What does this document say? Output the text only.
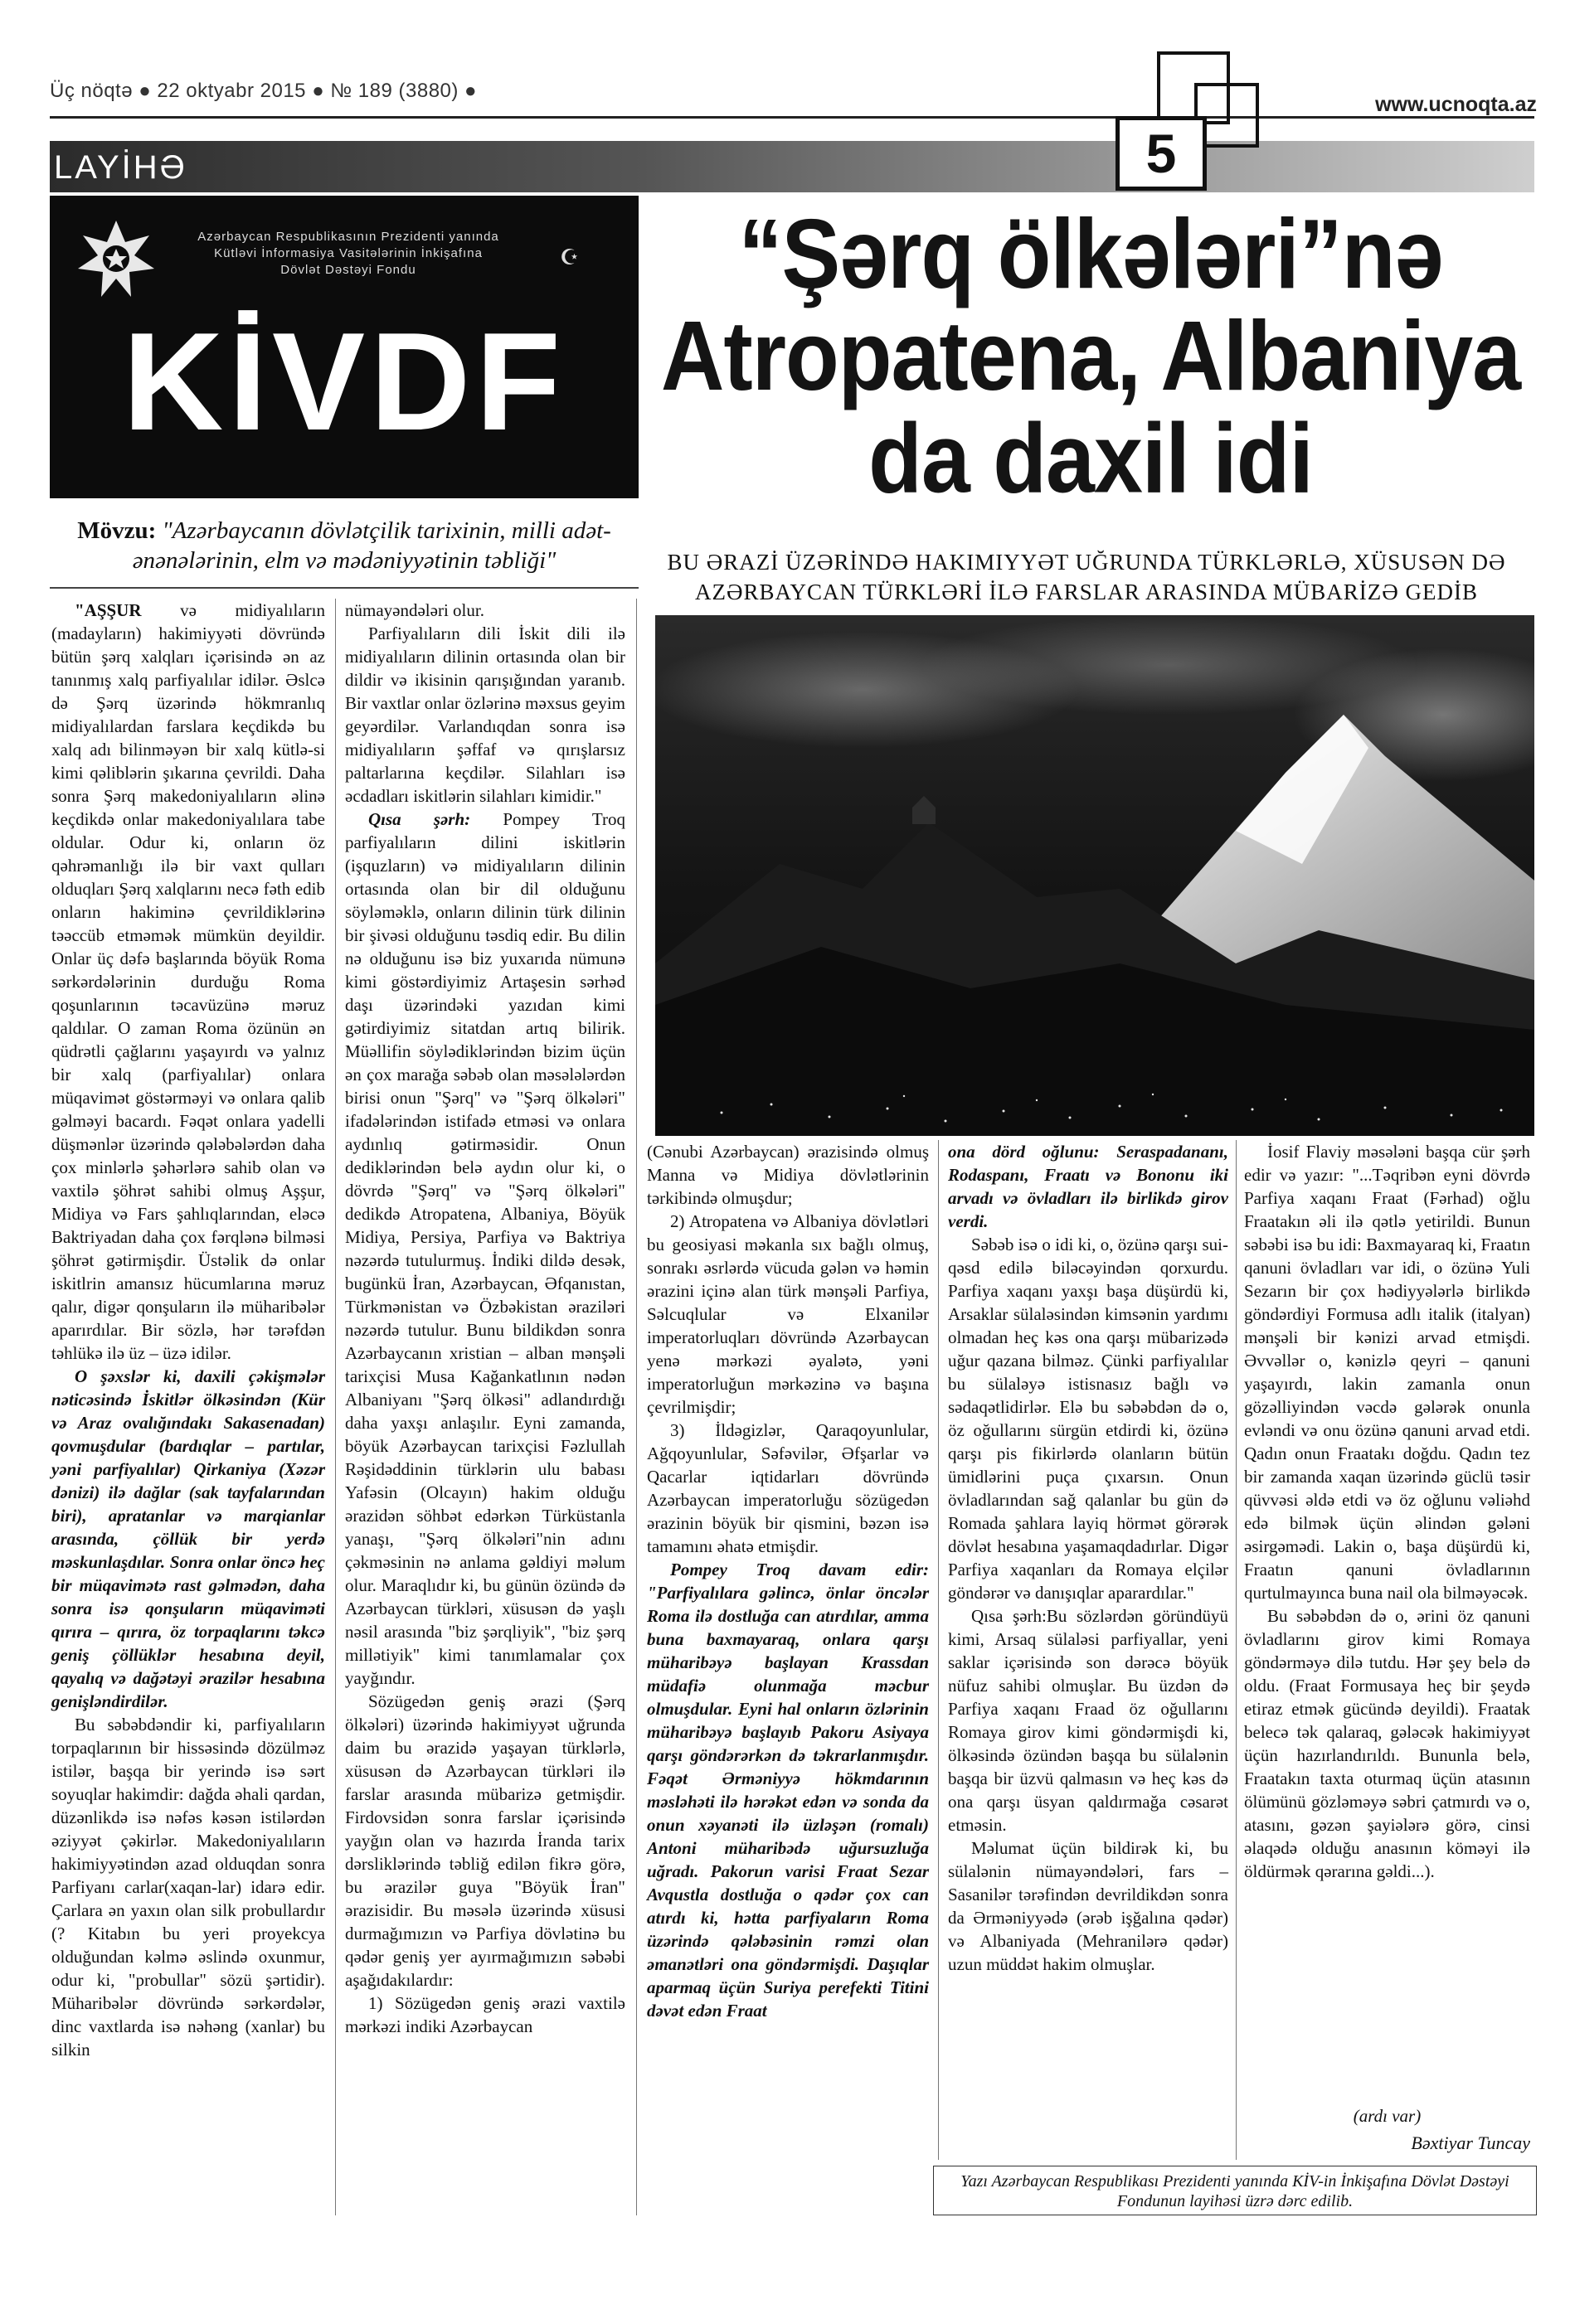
Üç nöqtə ● 22 oktyabr 2015 ● № 189 (3880) ●
www.ucnoqta.az
LAYİHƏ	5
Azərbaycan Respublikasının Prezidenti yanında
Kütləvi İnformasiya Vasitələrinin İnkişafına
Dövlət Dəstəyi Fondu	☪
KİVDF
Mövzu: "Azərbaycanın dövlətçilik tarixinin, milli adət-ənənələrinin, elm və mədəniyyətinin təbliği"
“Şərq ölkələri”nə
Atropatena, Albaniya
da daxil idi
BU ƏRAZİ ÜZƏRİNDƏ HAKIMIYYƏT UĞRUNDA TÜRKLƏRLƏ, XÜSUSƏN DƏ AZƏRBAYCAN TÜRKLƏRİ İLƏ FARSLAR ARASINDA MÜBARİZƏ GEDİB

"AŞŞUR və midiyalıların (madayların) hakimiyyəti dövründə bütün şərq xalqları içərisində ən az tanınmış xalq parfiyalılar idilər. Əslcə də Şərq üzərində hökmranlıq midiyalılardan farslara keçdikdə bu xalq adı bilinməyən bir xalq kütlə-si kimi qəliblərin şıkarına çevrildi. Daha sonra Şərq makedoniyalıların əlinə keçdikdə onlar makedoniyalılara tabe oldular. Odur ki, onların öz qəhrəmanlığı ilə bir vaxt qulları olduqları Şərq xalqlarını necə fəth edib onların hakiminə çevrildiklərinə təəccüb etməmək mümkün deyildir. Onlar üç dəfə başlarında böyük Roma sərkərdələrinin durduğu Roma qoşunlarının təcavüzünə məruz qaldılar. O zaman Roma özünün ən qüdrətli çağlarını yaşayırdı və yalnız bir xalq (parfiyalılar) onlara müqavimət göstərməyi və onlara qalib gəlməyi bacardı. Fəqət onlara yadelli düşmənlər üzərində qələbələrdən daha çox minlərlə şəhərlərə sahib olan və vaxtilə şöhrət sahibi olmuş Aşşur, Midiya və Fars şahlıqlarından, eləcə Baktriyadan daha çox fərqlənə bilməsi şöhrət gətirmişdir. Üstəlik də onlar iskitlrin amansız hücumlarına məruz qalır, digər qonşuların ilə müharibələr aparırdılar. Bir sözlə, hər tərəfdən təhlükə ilə üz – üzə idilər.

O şəxslər ki, daxili çəkişmələr nəticəsində İskitlər ölkəsindən (Kür və Araz ovalığındakı Sakasenadan) qovmuşdular (bardıqlar – partılar, yəni parfiyalılar) Qirkaniya (Xəzər dənizi) ilə dağlar (sak tayfalarından biri), apratanlar və marqianlar arasında, çöllük bir yerdə məskunlaşdılar. Sonra onlar öncə heç bir müqavimətə rast gəlmədən, daha sonra isə qonşuların müqaviməti qırıra – qırıra, öz torpaqlarını təkcə geniş çöllüklər hesabına deyil, qayalıq və dağətəyi ərazilər hesabına genişləndirdilər.

Bu səbəbdəndir ki, parfiyalıların torpaqlarının bir hissəsində dözülməz istilər, başqa bir yerində isə sərt soyuqlar hakimdir: dağda əhali qardan, düzənlikdə isə nəfəs kəsən istilərdən əziyyət çəkirlər. Makedoniyalıların hakimiyyətindən azad olduqdan sonra Parfiyanı carlar(xaqan-lar) idarə edir. Çarlara ən yaxın olan silk probullardır (? Kitabın bu yeri proyekcya olduğundan kəlmə əslində oxunmur, odur ki, "probullar" sözü şərtidir). Müharibələr dövründə sərkərdələr, dinc vaxtlarda isə nəhəng (xanlar) bu silkin

nümayəndələri olur.

Parfiyalıların dili İskit dili ilə midiyalıların dilinin ortasında olan bir dildir və ikisinin qarışığından yaranıb. Bir vaxtlar onlar özlərinə məxsus geyim geyərdilər. Varlandıqdan sonra isə midiyalıların şəffaf və qırışlarsız paltarlarına keçdilər. Silahları isə əcdadları iskitlərin silahları kimidir."

Qısa şərh: Pompey Troq parfiyalıların dilini iskitlərin (işquzların) və midiyalıların dilinin ortasında olan bir dil olduğunu söyləməklə, onların dilinin türk dilinin bir şivəsi olduğunu təsdiq edir. Bu dilin nə olduğunu isə biz yuxarıda nümunə kimi göstərdiyimiz Artaşesin sərhəd daşı üzərindəki yazıdan kimi gətirdiyimiz sitatdan artıq bilirik. Müəllifin söylədiklərindən bizim üçün ən çox marağa səbəb olan məsələlərdən birisi onun "Şərq" və "Şərq ölkələri" ifadələrindən istifadə etməsi və onlara aydınlıq gətirməsidir. Onun dediklərindən belə aydın olur ki, o dövrdə "Şərq" və "Şərq ölkələri" dedikdə Atropatena, Albaniya, Böyük Midiya, Persiya, Parfiya və Baktriya nəzərdə tutulurmuş. İndiki dildə desək, bugünkü İran, Azərbaycan, Əfqanıstan, Türkmənistan və Özbəkistan əraziləri nəzərdə tutulur. Bunu bildikdən sonra Azərbaycanın xristian – alban mənşəli tarixçisi Musa Kağankatlının nədən Albaniyanı "Şərq ölkəsi" adlandırdığı daha yaxşı anlaşılır. Eyni zamanda, böyük Azərbaycan tarixçisi Fəzlullah Rəşidəddinin türklərin ulu babası Yafəsin (Olcayın) hakim olduğu ərazidən söhbət edərkən Türküstanla yanaşı, "Şərq ölkələri"nin adını çəkməsinin nə anlama gəldiyi məlum olur. Maraqlıdır ki, bu günün özündə də Azərbaycan türkləri, xüsusən də yaşlı nəsil arasında "biz şərqliyik", "biz şərq millətiyik" kimi tanımlamalar çox yayğındır.

Sözügedən geniş ərazi (Şərq ölkələri) üzərində hakimiyyət uğrunda daim bu ərazidə yaşayan türklərlə, xüsusən də Azərbaycan türkləri ilə farslar arasında mübarizə getmişdir. Firdovsidən sonra farslar içərisində yayğın olan və hazırda İranda tarix dərsliklərində təbliğ edilən fikrə görə, bu ərazilər guya "Böyük İran" ərazisidir. Bu məsələ üzərində xüsusi durmağımızın və Parfiya dövlətinə bu qədər geniş yer ayırmağımızın səbəbi aşağıdakılardır:

1) Sözügedən geniş ərazi vaxtilə mərkəzi indiki Azərbaycan

(Cənubi Azərbaycan) ərazisində olmuş Manna və Midiya dövlətlərinin tərkibində olmuşdur;

2) Atropatena və Albaniya dövlətləri bu geosiyasi məkanla sıx bağlı olmuş, sonrakı əsrlərdə vücuda gələn və həmin ərazini içinə alan türk mənşəli Parfiya, Səlcuqlular və Elxanilər imperatorluqları dövründə Azərbaycan yenə mərkəzi əyalətə, yəni imperatorluğun mərkəzinə və başına çevrilmişdir;

3) İldəgizlər, Qaraqoyunlular, Ağqoyunlular, Səfəvilər, Əfşarlar və Qacarlar iqtidarları dövründə Azərbaycan imperatorluğu sözügedən ərazinin böyük bir qismini, bəzən isə tamamını əhatə etmişdir.

Pompey Troq davam edir: "Parfiyalılara gəlincə, önlar öncələr Roma ilə dostluğa can atırdılar, amma buna baxmayaraq, onlara qarşı müharibəyə başlayan Krassdan müdafiə olunmağa məcbur olmuşdular. Eyni hal onların özlərinin müharibəyə başlayıb Pakoru Asiyaya qarşı göndərərkən də təkrarlanmışdır. Fəqət Ərməniyyə hökmdarının məsləhəti ilə hərəkət edən və sonda da onun xəyanəti ilə üzləşən (romalı) Antoni müharibədə uğursuzluğa uğradı. Pakorun varisi Fraat Sezar Avqustla dostluğa o qədər çox can atırdı ki, hətta parfiyaların Roma üzərində qələbəsinin rəmzi olan əmanətləri ona göndərmişdi. Daşıqlar aparmaq üçün Suriya perefekti Titini dəvət edən Fraat

ona dörd oğlunu: Seraspadananı, Rodaspanı, Fraatı və Bononu iki arvadı və övladları ilə birlikdə girov verdi.

Səbəb isə o idi ki, o, özünə qarşı sui-qəsd edilə biləcəyindən qorxurdu. Parfiya xaqanı yaxşı başa düşürdü ki, Arsaklar sülaləsindən kimsənin yardımı olmadan heç kəs ona qarşı mübarizədə uğur qazana bilməz. Çünki parfiyalılar bu sülaləyə istisnasız bağlı və sədaqətlidirlər. Elə bu səbəbdən də o, öz oğullarını sürgün etdirdi ki, özünə qarşı pis fikirlərdə olanların bütün ümidlərini puça çıxarsın. Onun övladlarından sağ qalanlar bu gün də Romada şahlara layiq hörmət görərək dövlət hesabına yaşamaqdadırlar. Digər Parfiya xaqanları da Romaya elçilər göndərər və danışıqlar aparardılar."

Qısa şərh:Bu sözlərdən göründüyü kimi, Arsaq sülaləsi parfiyallar, yeni saklar içərisində son dərəcə böyük nüfuz sahibi olmuşlar. Bu üzdən də Parfiya xaqanı Fraad öz oğullarını Romaya girov kimi göndərmişdi ki, ölkəsində özündən başqa bu sülalənin başqa bir üzvü qalmasın və heç kəs də ona qarşı üsyan qaldırmağa cəsarət etməsin.

Məlumat üçün bildirək ki, bu sülalənin nümayəndələri, fars – Sasanilər tərəfindən devrildikdən sonra da Ərməniyyədə (ərəb işğalına qədər) və Albaniyada (Mehranilərə qədər) uzun müddət hakim olmuşlar.

İosif Flaviy məsələni başqa cür şərh edir və yazır: "...Təqribən eyni dövrdə Parfiya xaqanı Fraat (Fərhad) oğlu Fraatakın əli ilə qətlə yetirildi. Bunun səbəbi isə bu idi: Baxmayaraq ki, Fraatın qanuni övladları var idi, o özünə Yuli Sezarın bir çox hədiyyələrlə birlikdə göndərdiyi Formusa adlı italik (italyan) mənşəli bir kənizi arvad etmişdi. Əvvəllər o, kənizlə qeyri – qanuni yaşayırdı, lakin zamanla onun gözəlliyindən vəcdə gələrək onunla evləndi və onu özünə qanuni arvad etdi. Qadın onun Fraatakı doğdu. Qadın tez bir zamanda xaqan üzərində güclü təsir qüvvəsi əldə etdi və öz oğlunu vəliəhd edə bilmək üçün əlindən gələni əsirgəmədi. Lakin o, başa düşürdü ki, Fraatın qanuni övladlarının qurtulmayınca buna nail ola bilməyəcək.

Bu səbəbdən də o, ərini öz qanuni övladlarını girov kimi Romaya göndərməyə dilə tutdu. Hər şey belə də oldu. (Fraat Formusaya heç bir şeydə etiraz etmək gücündə deyildi). Fraatak belecə tək qalaraq, gələcək hakimiyyət üçün hazırlandırıldı. Bununla belə, Fraatakın taxta oturmaq üçün atasının ölümünü gözləməyə səbri çatmırdı və o, atasını, gəzən şayiələrə görə, cinsi əlaqədə olduğu anasının köməyi ilə öldürmək qərarına gəldi...).

(ardı var)
Bəxtiyar Tuncay
Yazı Azərbaycan Respublikası Prezidenti yanında KİV-in İnkişafına Dövlət Dəstəyi Fondunun layihəsi üzrə dərc edilib.
